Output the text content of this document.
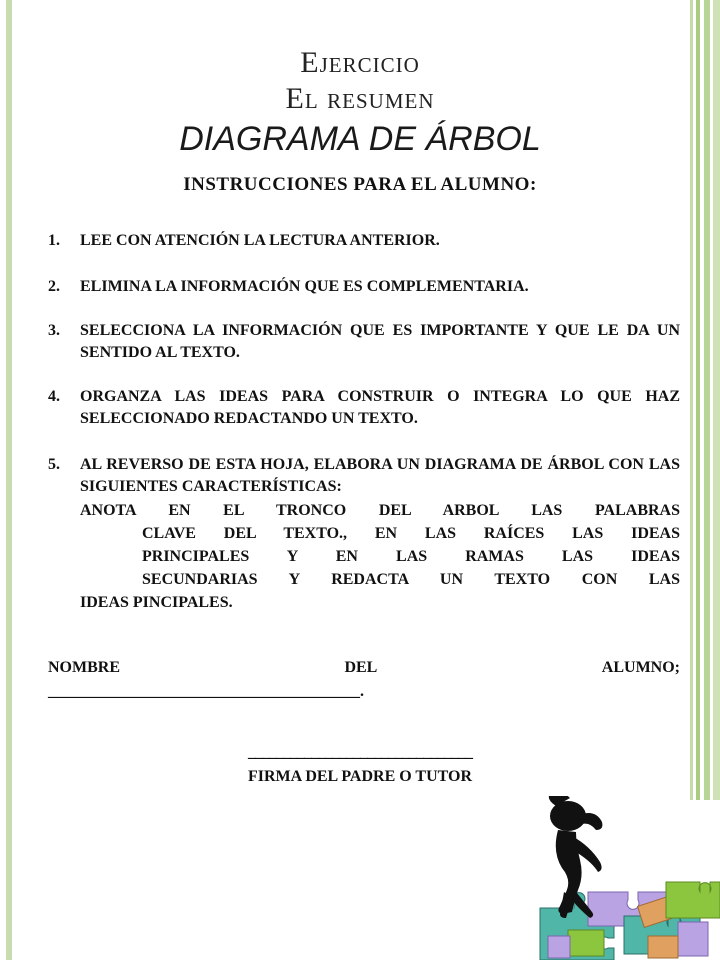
Ejercicio
El resumen
DIAGRAMA DE ÁRBOL
INSTRUCCIONES PARA EL ALUMNO:
1.	LEE CON ATENCIÓN LA LECTURA ANTERIOR.
2.	ELIMINA LA INFORMACIÓN QUE ES COMPLEMENTARIA.
3.	SELECCIONA LA INFORMACIÓN QUE ES IMPORTANTE Y QUE LE DA UN SENTIDO AL TEXTO.
4.	ORGANZA LAS IDEAS PARA CONSTRUIR O INTEGRA LO QUE HAZ SELECCIONADO REDACTANDO UN TEXTO.
5.	AL REVERSO DE ESTA HOJA, ELABORA UN DIAGRAMA DE ÁRBOL CON LAS SIGUIENTES CARACTERÍSTICAS:
ANOTA EN EL TRONCO DEL ARBOL LAS PALABRAS
CLAVE DEL TEXTO., EN LAS RAÍCES LAS IDEAS
PRINCIPALES Y EN LAS RAMAS LAS IDEAS
SECUNDARIAS Y REDACTA UN TEXTO CON LAS
IDEAS PINCIPALES.
NOMBRE	DEL	ALUMNO;
_______________________________________.
________________________________
FIRMA DEL PADRE O TUTOR
